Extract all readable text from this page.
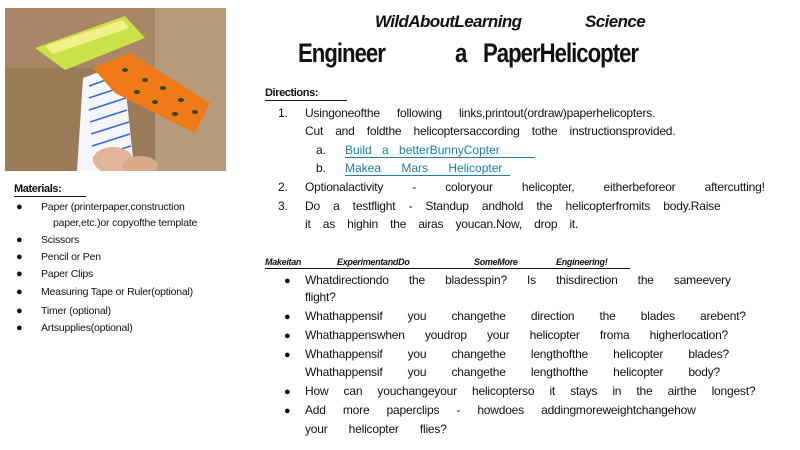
WildAboutLearning	Science
Engineer	a PaperHelicopter
Materials:
● Paper (printerpaper,construction
paper,etc.)or copyofthe template
● Scissors
● Pencil or Pen
● Paper Clips
● Measuring Tape or Ruler(optional)
● Timer (optional)
● Artsupplies(optional)
Directions:
1. Usingoneofthe following links,printout(ordraw)paperhelicopters.
Cut and foldthe helicoptersaccording tothe instructionsprovided.
a. Build a betterBunnyCopter
b. Makea Mars Helicopter
2. Optionalactivity - coloryour helicopter, eitherbeforeor aftercutting!
3. Do a testflight - Standup andhold the helicopterfromits body.Raise
it as highin the airas youcan.Now, drop it.
Makeitan	ExperimentandDo	SomeMore	Engineering!
● Whatdirectiondo the bladesspin? Is thisdirection the sameevery
flight?
● Whathappensif you changethe direction the blades arebent?
● Whathappenswhen youdrop your helicopter froma higherlocation?
● Whathappensif you changethe lengthofthe helicopter blades?
Whathappensif you changethe lengthofthe helicopter body?
● How can youchangeyour helicopterso it stays in the airthe longest?
● Add more paperclips - howdoes addingmoreweightchangehow
your helicopter flies?
